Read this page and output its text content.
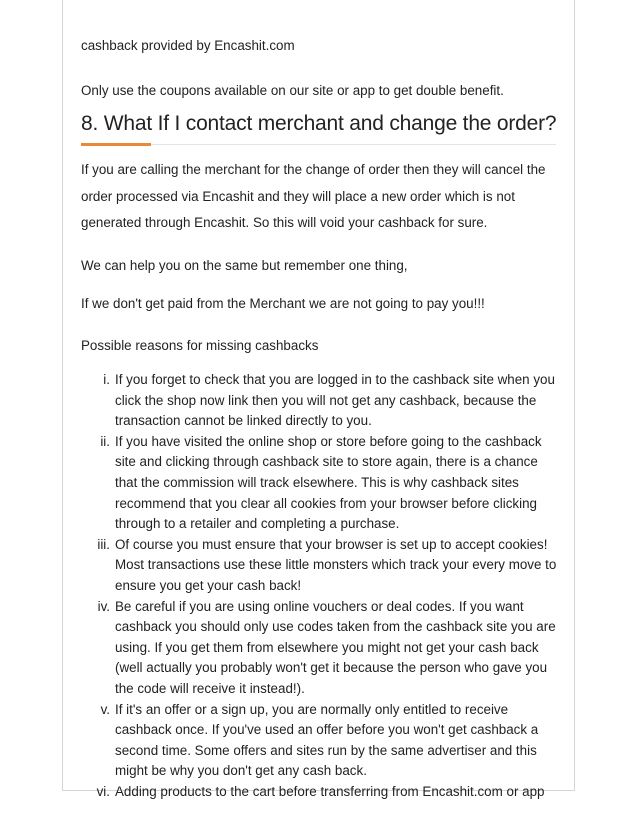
cashback provided by Encashit.com

Only use the coupons available on our site or app to get double benefit.

8. What If I contact merchant and change the order?

If you are calling the merchant for the change of order then they will cancel the order processed via Encashit and they will place a new order which is not generated through Encashit. So this will void your cashback for sure.

We can help you on the same but remember one thing,

If we don't get paid from the Merchant we are not going to pay you!!!

Possible reasons for missing cashbacks

i. If you forget to check that you are logged in to the cashback site when you click the shop now link then you will not get any cashback, because the transaction cannot be linked directly to you.
ii. If you have visited the online shop or store before going to the cashback site and clicking through cashback site to store again, there is a chance that the commission will track elsewhere. This is why cashback sites recommend that you clear all cookies from your browser before clicking through to a retailer and completing a purchase.
iii. Of course you must ensure that your browser is set up to accept cookies! Most transactions use these little monsters which track your every move to ensure you get your cash back!
iv. Be careful if you are using online vouchers or deal codes. If you want cashback you should only use codes taken from the cashback site you are using. If you get them from elsewhere you might not get your cash back (well actually you probably won't get it because the person who gave you the code will receive it instead!).
v. If it's an offer or a sign up, you are normally only entitled to receive cashback once. If you've used an offer before you won't get cashback a second time. Some offers and sites run by the same advertiser and this might be why you don't get any cash back.
vi. Adding products to the cart before transferring from Encashit.com or app
